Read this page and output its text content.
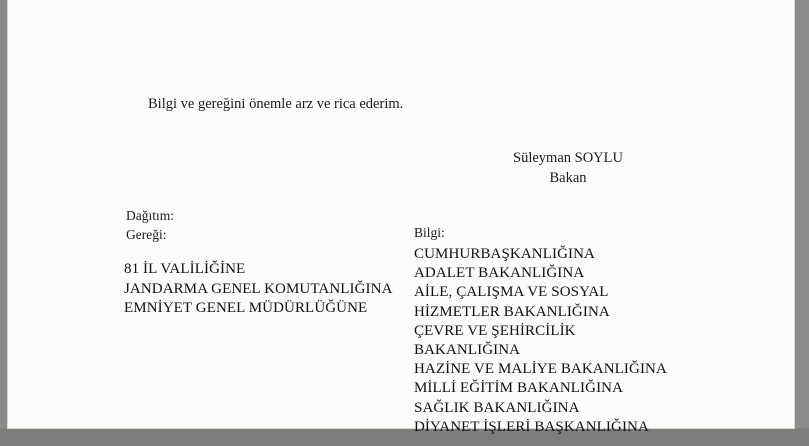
Bilgi ve gereğini önemle arz ve rica ederim.
Süleyman SOYLU
Bakan
Dağıtım:
Gereği:
81 İL VALİLİĞİNE
JANDARMA GENEL KOMUTANLIĞINA
EMNİYET GENEL MÜDÜRLÜĞÜNE
Bilgi:
CUMHURBAŞKANLIĞINA
ADALET BAKANLIĞINA
AİLE, ÇALIŞMA VE SOSYAL
HİZMETLER BAKANLIĞINA
ÇEVRE VE ŞEHİRCİLİK
BAKANLIĞINA
HAZİNE VE MALİYE BAKANLIĞINA
MİLLİ EĞİTİM BAKANLIĞINA
SAĞLIK BAKANLIĞINA
DİYANET İŞLERİ BAŞKANLIĞINA
